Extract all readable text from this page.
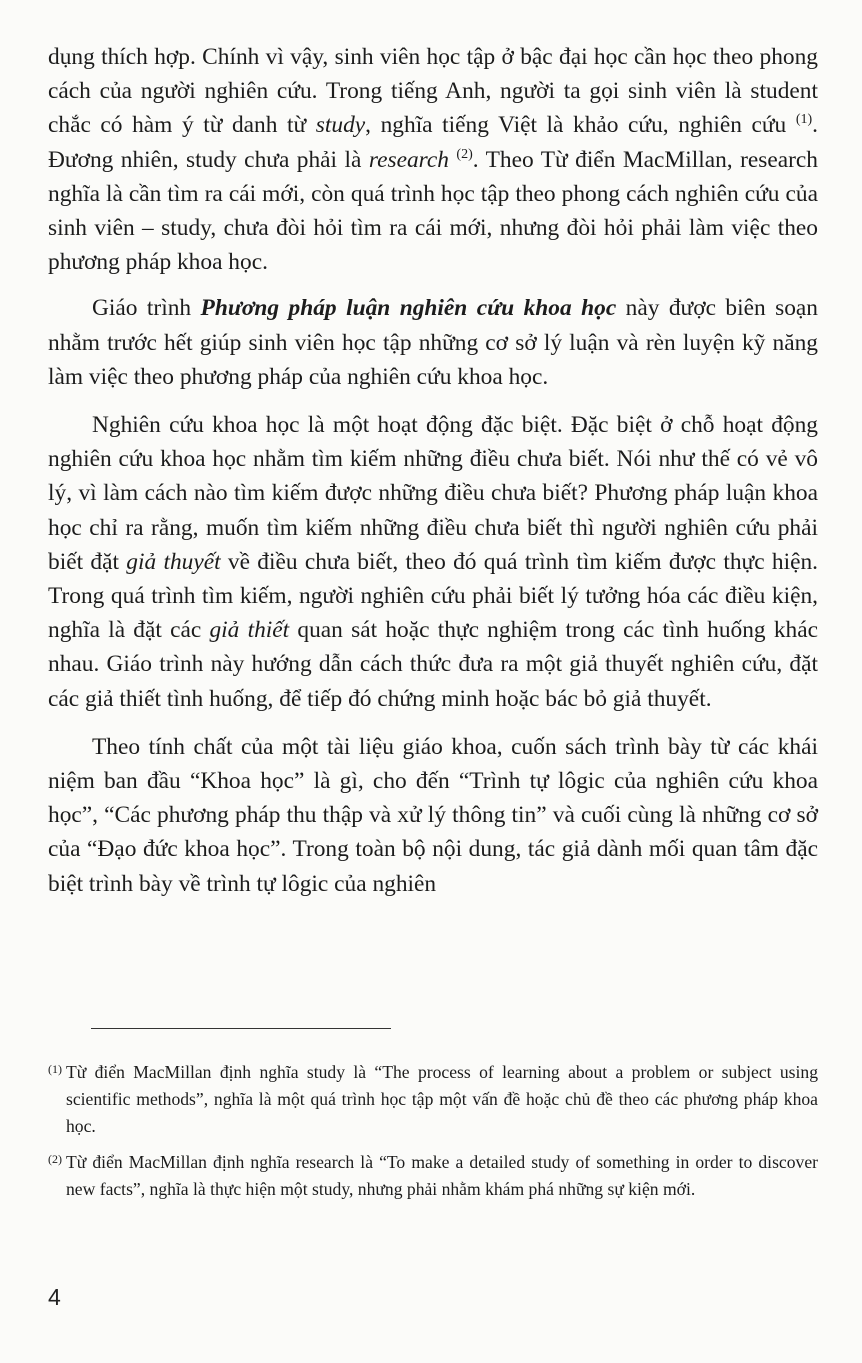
dụng thích hợp. Chính vì vậy, sinh viên học tập ở bậc đại học cần học theo phong cách của người nghiên cứu. Trong tiếng Anh, người ta gọi sinh viên là student chắc có hàm ý từ danh từ study, nghĩa tiếng Việt là khảo cứu, nghiên cứu $^{(1)}$. Đương nhiên, study chưa phải là research $^{(2)}$. Theo Từ điển MacMillan, research nghĩa là cần tìm ra cái mới, còn quá trình học tập theo phong cách nghiên cứu của sinh viên – study, chưa đòi hỏi tìm ra cái mới, nhưng đòi hỏi phải làm việc theo phương pháp khoa học.

Giáo trình Phương pháp luận nghiên cứu khoa học này được biên soạn nhằm trước hết giúp sinh viên học tập những cơ sở lý luận và rèn luyện kỹ năng làm việc theo phương pháp của nghiên cứu khoa học.

Nghiên cứu khoa học là một hoạt động đặc biệt. Đặc biệt ở chỗ hoạt động nghiên cứu khoa học nhằm tìm kiếm những điều chưa biết. Nói như thế có vẻ vô lý, vì làm cách nào tìm kiếm được những điều chưa biết? Phương pháp luận khoa học chỉ ra rằng, muốn tìm kiếm những điều chưa biết thì người nghiên cứu phải biết đặt giả thuyết về điều chưa biết, theo đó quá trình tìm kiếm được thực hiện. Trong quá trình tìm kiếm, người nghiên cứu phải biết lý tưởng hóa các điều kiện, nghĩa là đặt các giả thiết quan sát hoặc thực nghiệm trong các tình huống khác nhau. Giáo trình này hướng dẫn cách thức đưa ra một giả thuyết nghiên cứu, đặt các giả thiết tình huống, để tiếp đó chứng minh hoặc bác bỏ giả thuyết.

Theo tính chất của một tài liệu giáo khoa, cuốn sách trình bày từ các khái niệm ban đầu “Khoa học” là gì, cho đến “Trình tự lôgic của nghiên cứu khoa học”, “Các phương pháp thu thập và xử lý thông tin” và cuối cùng là những cơ sở của “Đạo đức khoa học”. Trong toàn bộ nội dung, tác giả dành mối quan tâm đặc biệt trình bày về trình tự lôgic của nghiên

(1) Từ điển MacMillan định nghĩa study là “The process of learning about a problem or subject using scientific methods”, nghĩa là một quá trình học tập một vấn đề hoặc chủ đề theo các phương pháp khoa học.
(2) Từ điển MacMillan định nghĩa research là “To make a detailed study of something in order to discover new facts”, nghĩa là thực hiện một study, nhưng phải nhằm khám phá những sự kiện mới.
4
